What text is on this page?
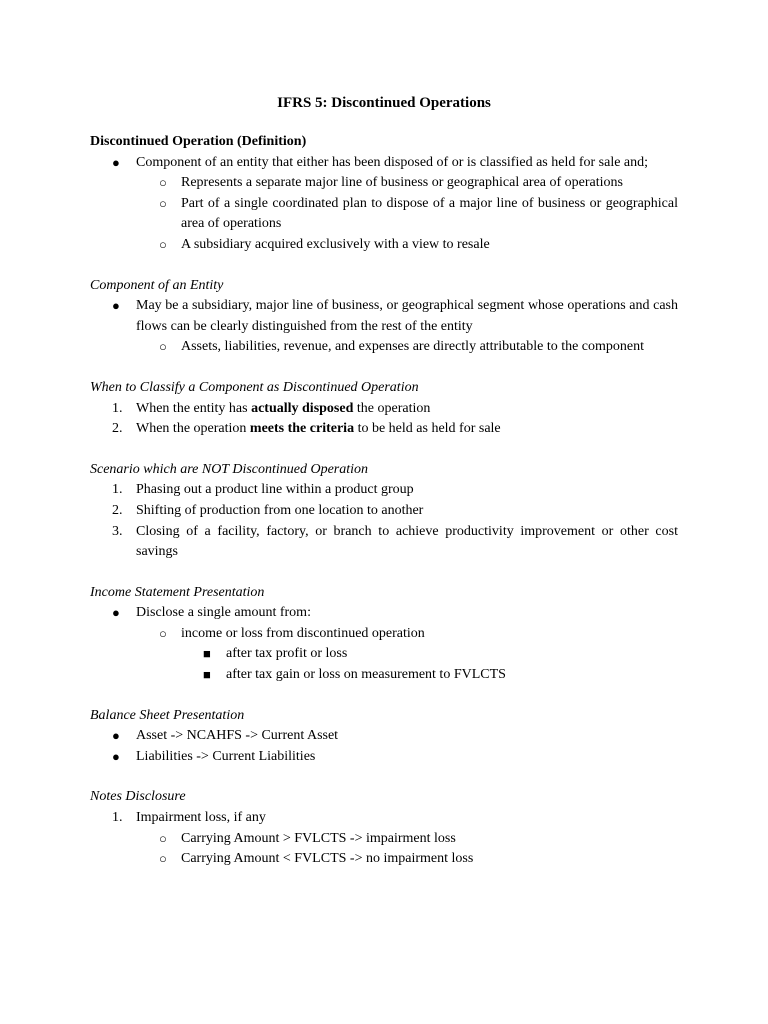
IFRS 5: Discontinued Operations
Discontinued Operation (Definition)
● Component of an entity that either has been disposed of or is classified as held for sale and;
○ Represents a separate major line of business or geographical area of operations
○ Part of a single coordinated plan to dispose of a major line of business or geographical area of operations
○ A subsidiary acquired exclusively with a view to resale
Component of an Entity
● May be a subsidiary, major line of business, or geographical segment whose operations and cash flows can be clearly distinguished from the rest of the entity
○ Assets, liabilities, revenue, and expenses are directly attributable to the component
When to Classify a Component as Discontinued Operation
1. When the entity has actually disposed the operation
2. When the operation meets the criteria to be held as held for sale
Scenario which are NOT Discontinued Operation
1. Phasing out a product line within a product group
2. Shifting of production from one location to another
3. Closing of a facility, factory, or branch to achieve productivity improvement or other cost savings
Income Statement Presentation
● Disclose a single amount from:
○ income or loss from discontinued operation
■ after tax profit or loss
■ after tax gain or loss on measurement to FVLCTS
Balance Sheet Presentation
● Asset -> NCAHFS -> Current Asset
● Liabilities -> Current Liabilities
Notes Disclosure
1. Impairment loss, if any
○ Carrying Amount > FVLCTS -> impairment loss
○ Carrying Amount < FVLCTS -> no impairment loss
